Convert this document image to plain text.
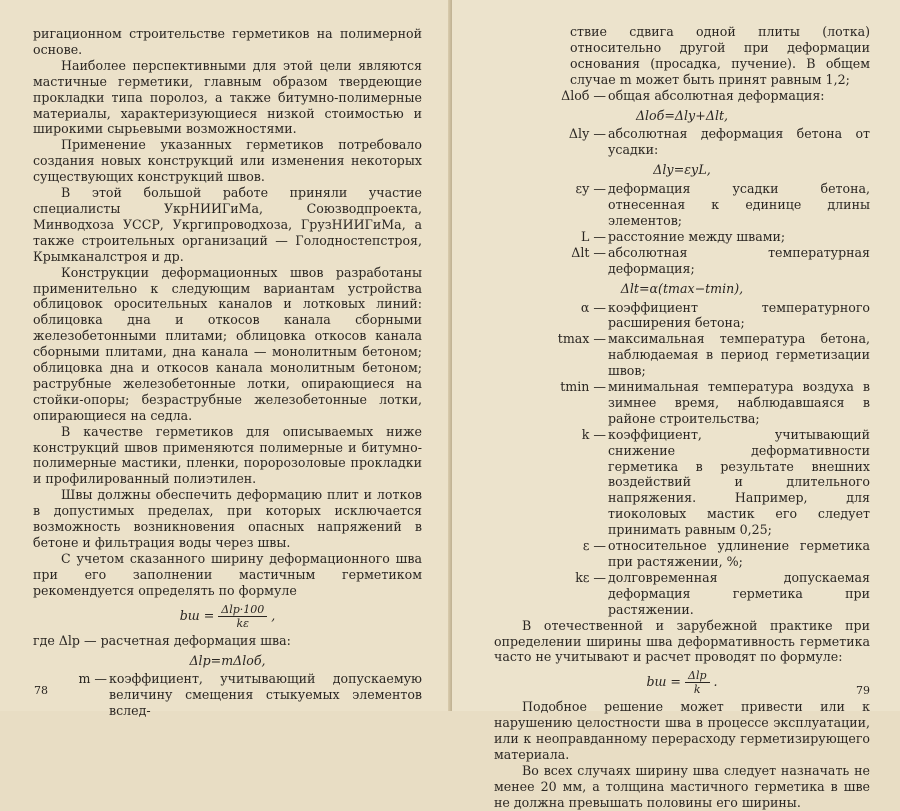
ригационном строительстве герметиков на полимерной основе.

Наиболее перспективными для этой цели являются мастичные герметики, главным образом твердеющие прокладки типа поролоз, а также битумно-полимерные материалы, характеризующиеся низкой стоимостью и широкими сырьевыми возможностями.

Применение указанных герметиков потребовало создания новых конструкций или изменения некоторых существующих конструкций швов.

В этой большой работе приняли участие специалисты УкрНИИГиМа, Союзводпроекта, Минводхоза УССР, Укргипроводхоза, ГрузНИИГиМа, а также строительных организаций — Голодностепстроя, Крымканалстроя и др.

Конструкции деформационных швов разработаны применительно к следующим вариантам устройства облицовок оросительных каналов и лотковых линий: облицовка дна и откосов канала сборными железобетонными плитами; облицовка откосов канала сборными плитами, дна канала — монолитным бетоном; облицовка дна и откосов канала монолитным бетоном; раструбные железобетонные лотки, опирающиеся на стойки-опоры; безраструбные железобетонные лотки, опирающиеся на седла.

В качестве герметиков для описываемых ниже конструкций швов применяются полимерные и битумно-полимерные мастики, пленки, поророзоловые прокладки и профилированный полиэтилен.

Швы должны обеспечить деформацию плит и лотков в допустимых пределах, при которых исключается возможность возникновения опасных напряжений в бетоне и фильтрация воды через швы.

С учетом сказанного ширину деформационного шва при его заполнении мастичным герметиком рекомендуется определять по формуле

bш = $\frac{\text{Δlр·100}}{k\varepsilon}$ ,

где Δlр — расчетная деформация шва:

Δlр=mΔlоб,
m — коэффициент, учитывающий допускаемую величину смещения стыкуемых элементов вслед-
78
ствие сдвига одной плиты (лотка) относительно другой при деформации основания (просадка, пучение). В общем случае m может быть принят равным 1,2;
Δlоб — общая абсолютная деформация:
Δlоб=Δlу+Δlt,
Δlу — абсолютная деформация бетона от усадки:
Δlу=εуL,
εу — деформация усадки бетона, отнесенная к единице длины элементов;
L — расстояние между швами;
Δlt — абсолютная температурная деформация;
Δlt=α(tmax−tmin),
α — коэффициент температурного расширения бетона;
tmax — максимальная температура бетона, наблюдаемая в период герметизации швов;
tmin — минимальная температура воздуха в зимнее время, наблюдавшаяся в районе строительства;
k — коэффициент, учитывающий снижение деформативности герметика в результате внешних воздействий и длительного напряжения. Например, для тиоколовых мастик его следует принимать равным 0,25;
ε — относительное удлинение герметика при растяжении, %;
kε — долговременная допускаемая деформация герметика при растяжении.

В отечественной и зарубежной практике при определении ширины шва деформативность герметика часто не учитывают и расчет проводят по формуле:

bш = $\frac{\text{Δlр}}{k}$ .

Подобное решение может привести или к нарушению целостности шва в процессе эксплуатации, или к неоправданному перерасходу герметизирующего материала.

Во всех случаях ширину шва следует назначать не менее 20 мм, а толщина мастичного герметика в шве не должна превышать половины его ширины.

79
